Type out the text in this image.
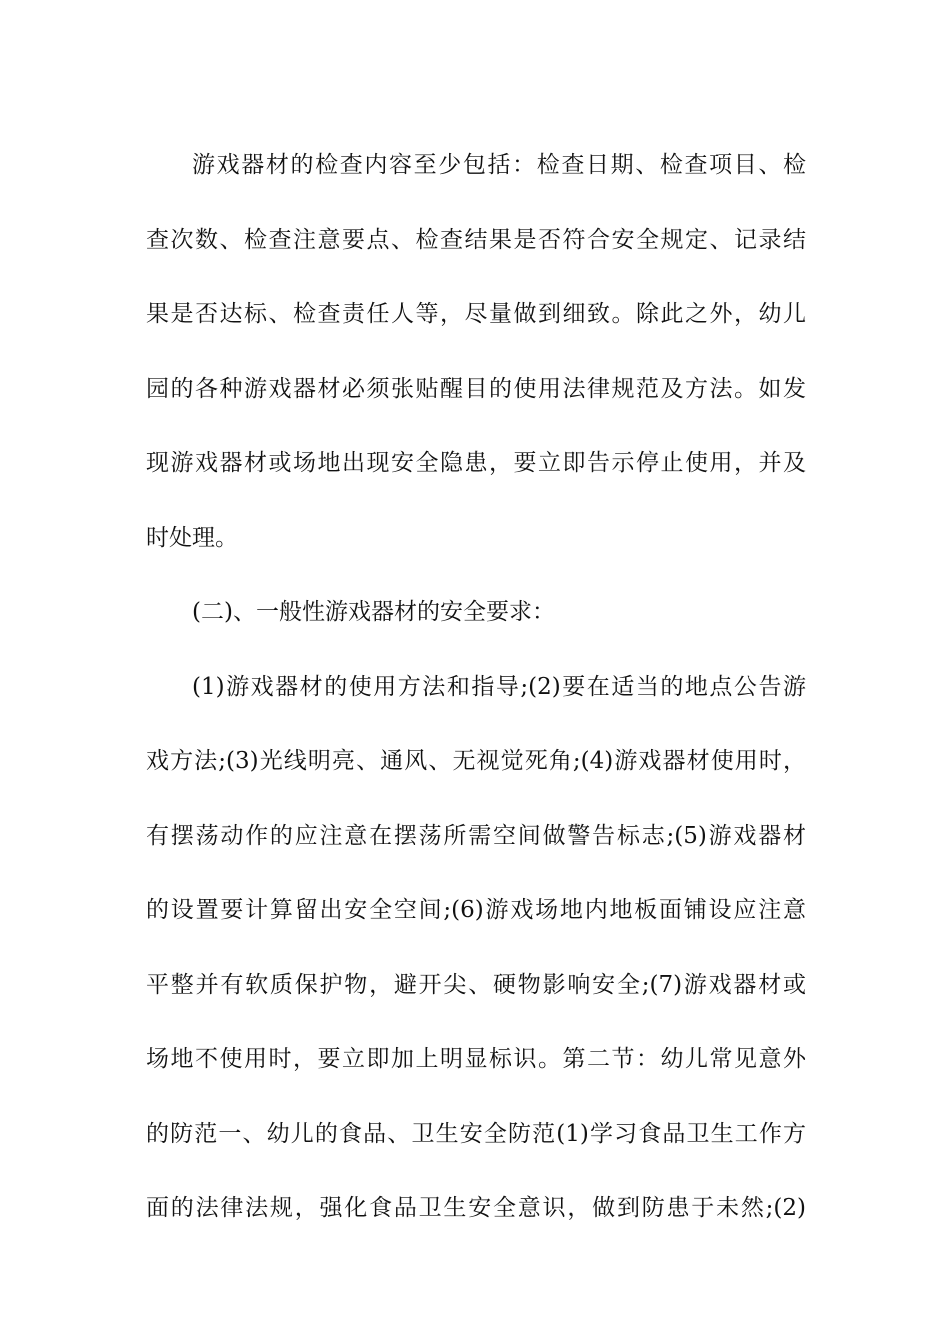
游戏器材的检查内容至少包括：检查日期、检查项目、检
查次数、检查注意要点、检查结果是否符合安全规定、记录结
果是否达标、检查责任人等，尽量做到细致。除此之外，幼儿
园的各种游戏器材必须张贴醒目的使用法律规范及方法。如发
现游戏器材或场地出现安全隐患，要立即告示停止使用，并及
时处理。
(二)、一般性游戏器材的安全要求：
(1)游戏器材的使用方法和指导;(2)要在适当的地点公告游
戏方法;(3)光线明亮、通风、无视觉死角;(4)游戏器材使用时，
有摆荡动作的应注意在摆荡所需空间做警告标志;(5)游戏器材
的设置要计算留出安全空间;(6)游戏场地内地板面铺设应注意
平整并有软质保护物，避开尖、硬物影响安全;(7)游戏器材或
场地不使用时，要立即加上明显标识。第二节：幼儿常见意外
的防范一、幼儿的食品、卫生安全防范(1)学习食品卫生工作方
面的法律法规，强化食品卫生安全意识，做到防患于未然;(2)
